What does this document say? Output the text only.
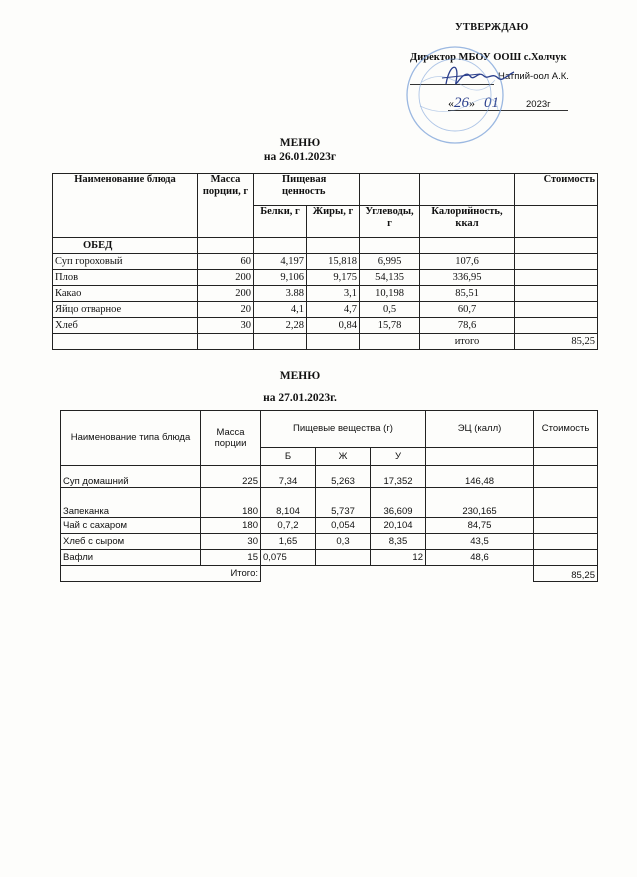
УТВЕРЖДАЮ
Директор МБОУ ООШ с.Холчук
Натпий-оол А.К.
«26» 01	2023г
МЕНЮ
на 26.01.2023г
Наименование блюда	Масса порции, г	Пищевая ценность				Стоимость
		Белки, г	Жиры, г	Углеводы, г	Калорийность, ккал	
ОБЕД						
Суп гороховый	60	4,197	15,818	6,995	107,6	
Плов	200	9,106	9,175	54,135	336,95	
Какао	200	3.88	3,1	10,198	85,51	
Яйцо отварное	20	4,1	4,7	0,5	60,7	
Хлеб	30	2,28	0,84	15,78	78,6	
					итого	85,25
МЕНЮ
на 27.01.2023г.
Наименование типа блюда	Масса порции	Пищевые вещества (г)			ЭЦ (калл)	Стоимость
		Б	Ж	У		
Суп домашний	225	7,34	5,263	17,352	146,48	
Запеканка	180	8,104	5,737	36,609	230,165	
Чай с сахаром	180	0,7,2	0,054	20,104	84,75	
Хлеб с сыром	30	1,65	0,3	8,35	43,5	
Вафли	15	0,075		12	48,6	
Итого:						85,25
